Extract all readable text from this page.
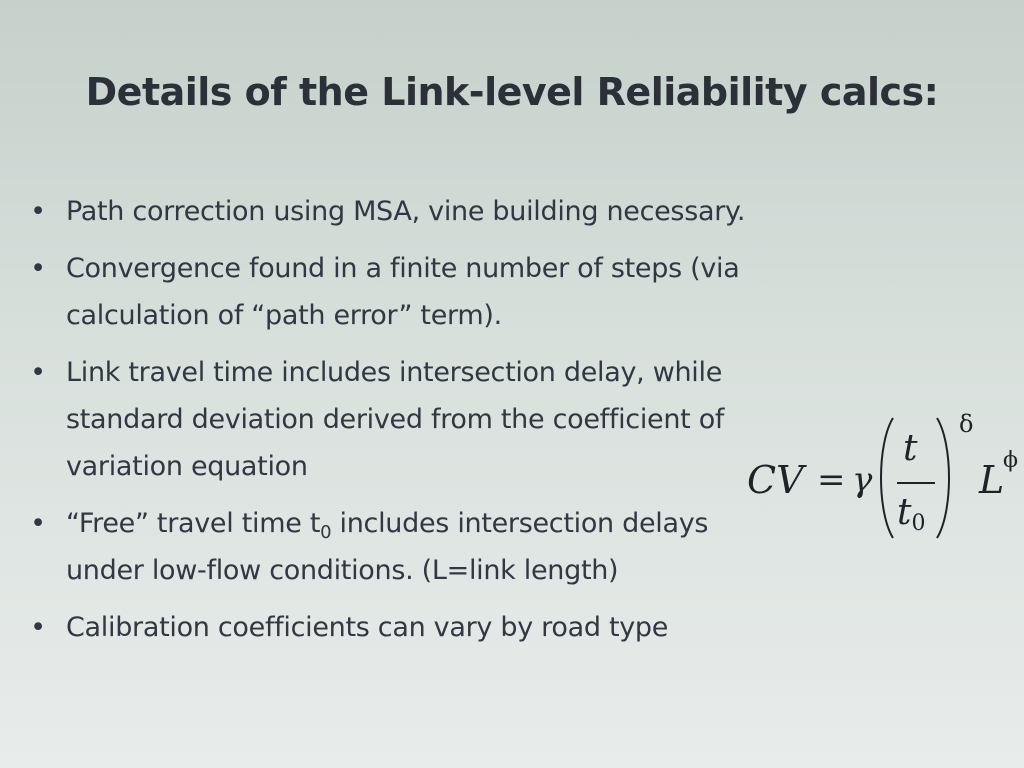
Details of the Link-level Reliability calcs:
• Path correction using MSA, vine building necessary.
• Convergence found in a finite number of steps (via
calculation of “path error” term).
• Link travel time includes intersection delay, while
standard deviation derived from the coefficient of
variation equation
• “Free” travel time $t_0$ includes intersection delays
under low-flow conditions. (L=link length)
• Calibration coefficients can vary by road type
CV = γ
t
t0
δ
L
ϕ
